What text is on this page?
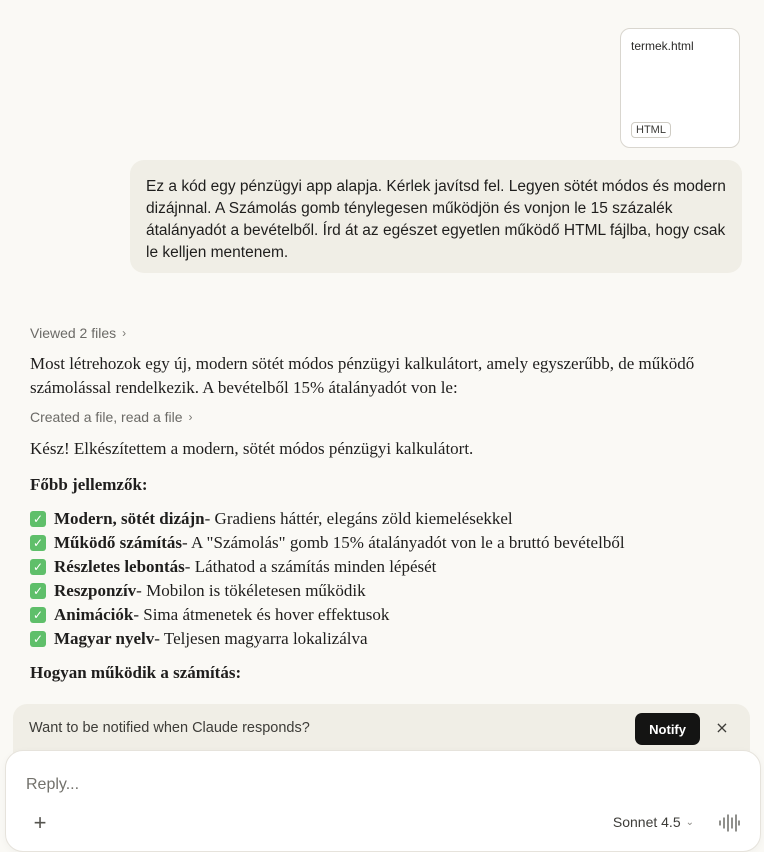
termek.html
HTML
Ez a kód egy pénzügyi app alapja. Kérlek javítsd fel. Legyen sötét módos és modern dizájnnal. A Számolás gomb ténylegesen működjön és vonjon le 15 százalék átalányadót a bevételből. Írd át az egészet egyetlen működő HTML fájlba, hogy csak le kelljen mentenem.
Viewed 2 files ›

Most létrehozok egy új, modern sötét módos pénzügyi kalkulátort, amely egyszerűbb, de működő számolással rendelkezik. A bevételből 15% átalányadót von le:

Created a file, read a file ›

Kész! Elkészítettem a modern, sötét módos pénzügyi kalkulátort.

Főbb jellemzők:

✓ Modern, sötét dizájn - Gradiens háttér, elegáns zöld kiemelésekkel
✓ Működő számítás - A "Számolás" gomb 15% átalányadót von le a bruttó bevételből
✓ Részletes lebontás - Láthatod a számítás minden lépését
✓ Reszponzív - Mobilon is tökéletesen működik
✓ Animációk - Sima átmenetek és hover effektusok
✓ Magyar nyelv - Teljesen magyarra lokalizálva

Hogyan működik a számítás:

Want to be notified when Claude responds?	Notify	×
Reply...
+	Sonnet 4.5 ⌄
